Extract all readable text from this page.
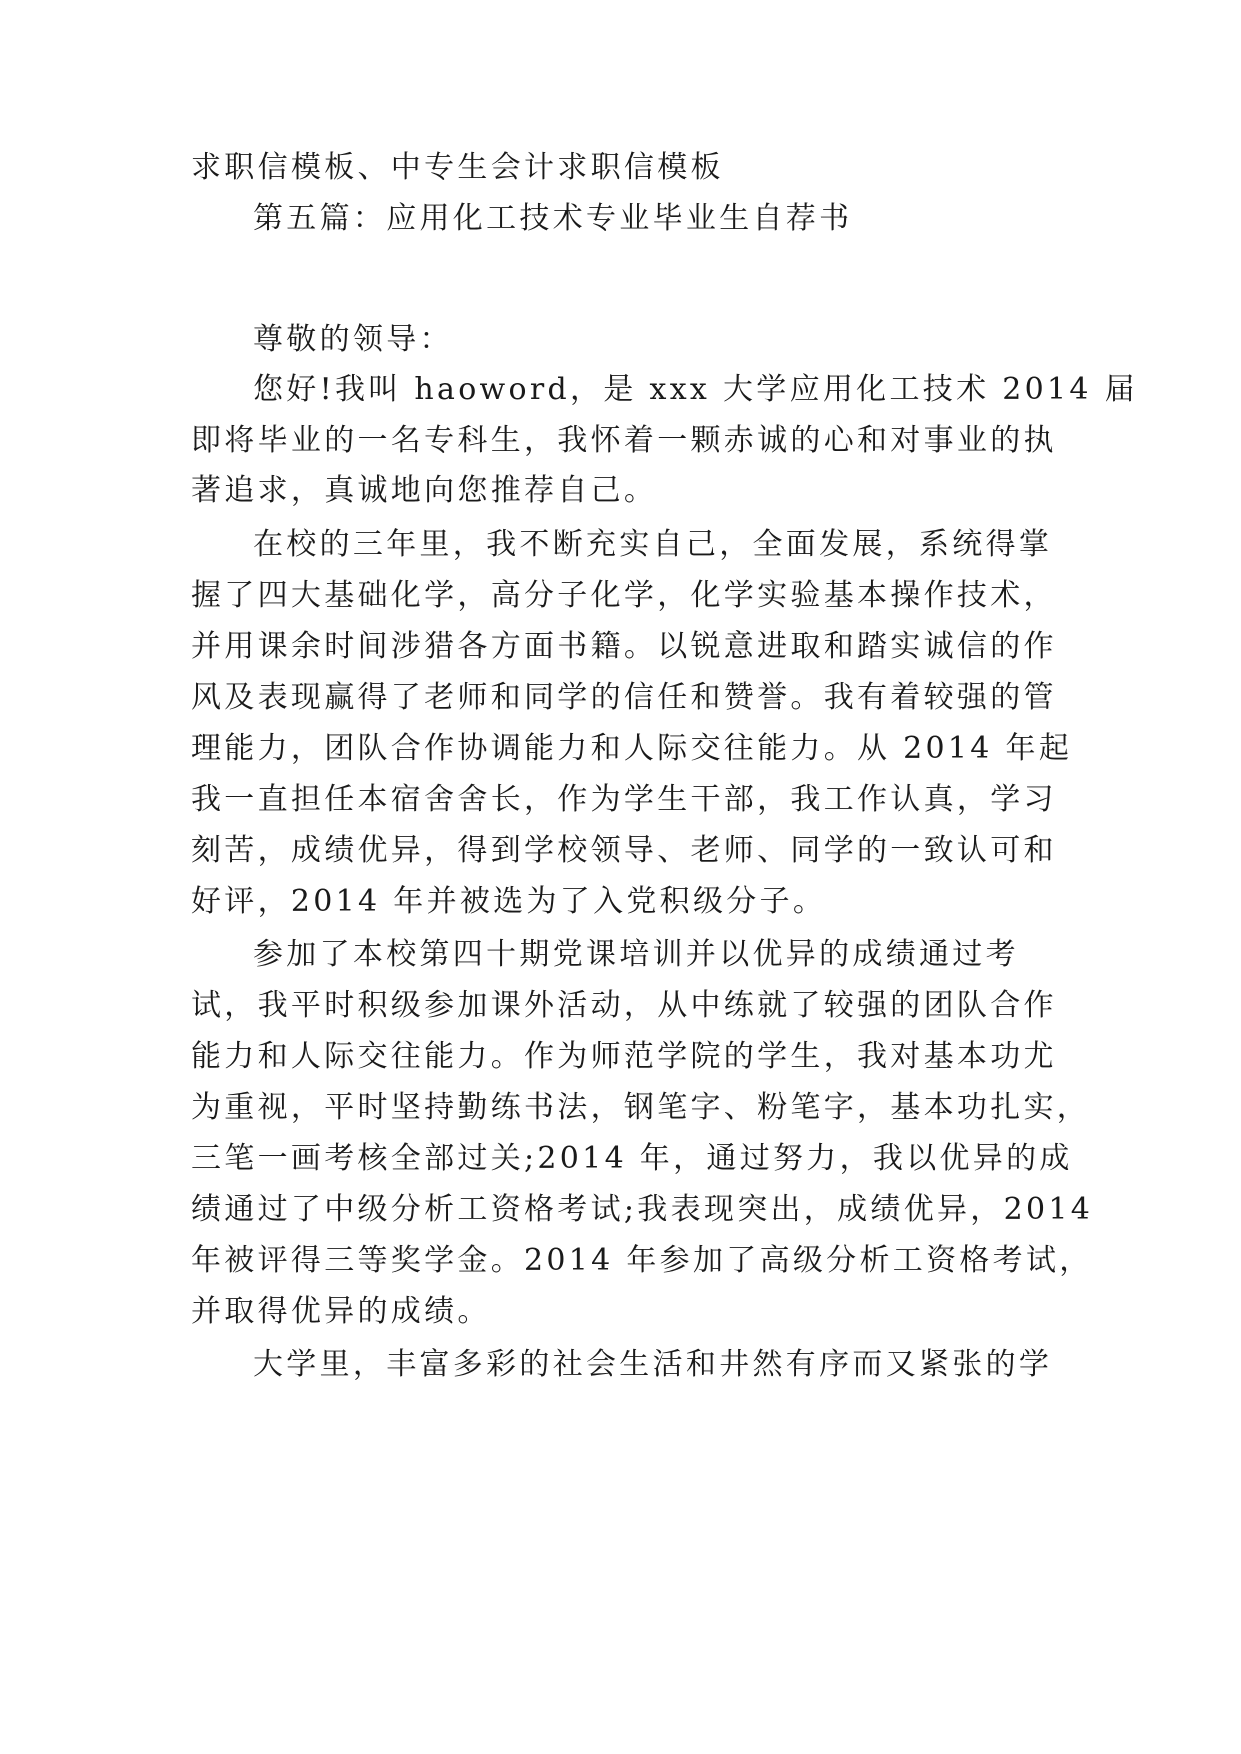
求职信模板、中专生会计求职信模板
第五篇：应用化工技术专业毕业生自荐书
尊敬的领导：
您好!我叫 haoword，是 xxx 大学应用化工技术 2014 届
即将毕业的一名专科生，我怀着一颗赤诚的心和对事业的执
著追求，真诚地向您推荐自己。
在校的三年里，我不断充实自己，全面发展，系统得掌
握了四大基础化学，高分子化学，化学实验基本操作技术，
并用课余时间涉猎各方面书籍。以锐意进取和踏实诚信的作
风及表现赢得了老师和同学的信任和赞誉。我有着较强的管
理能力，团队合作协调能力和人际交往能力。从 2014 年起
我一直担任本宿舍舍长，作为学生干部，我工作认真，学习
刻苦，成绩优异，得到学校领导、老师、同学的一致认可和
好评，2014 年并被选为了入党积级分子。
参加了本校第四十期党课培训并以优异的成绩通过考
试，我平时积级参加课外活动，从中练就了较强的团队合作
能力和人际交往能力。作为师范学院的学生，我对基本功尤
为重视，平时坚持勤练书法，钢笔字、粉笔字，基本功扎实，
三笔一画考核全部过关;2014 年，通过努力，我以优异的成
绩通过了中级分析工资格考试;我表现突出，成绩优异，2014
年被评得三等奖学金。2014 年参加了高级分析工资格考试，
并取得优异的成绩。
大学里，丰富多彩的社会生活和井然有序而又紧张的学
